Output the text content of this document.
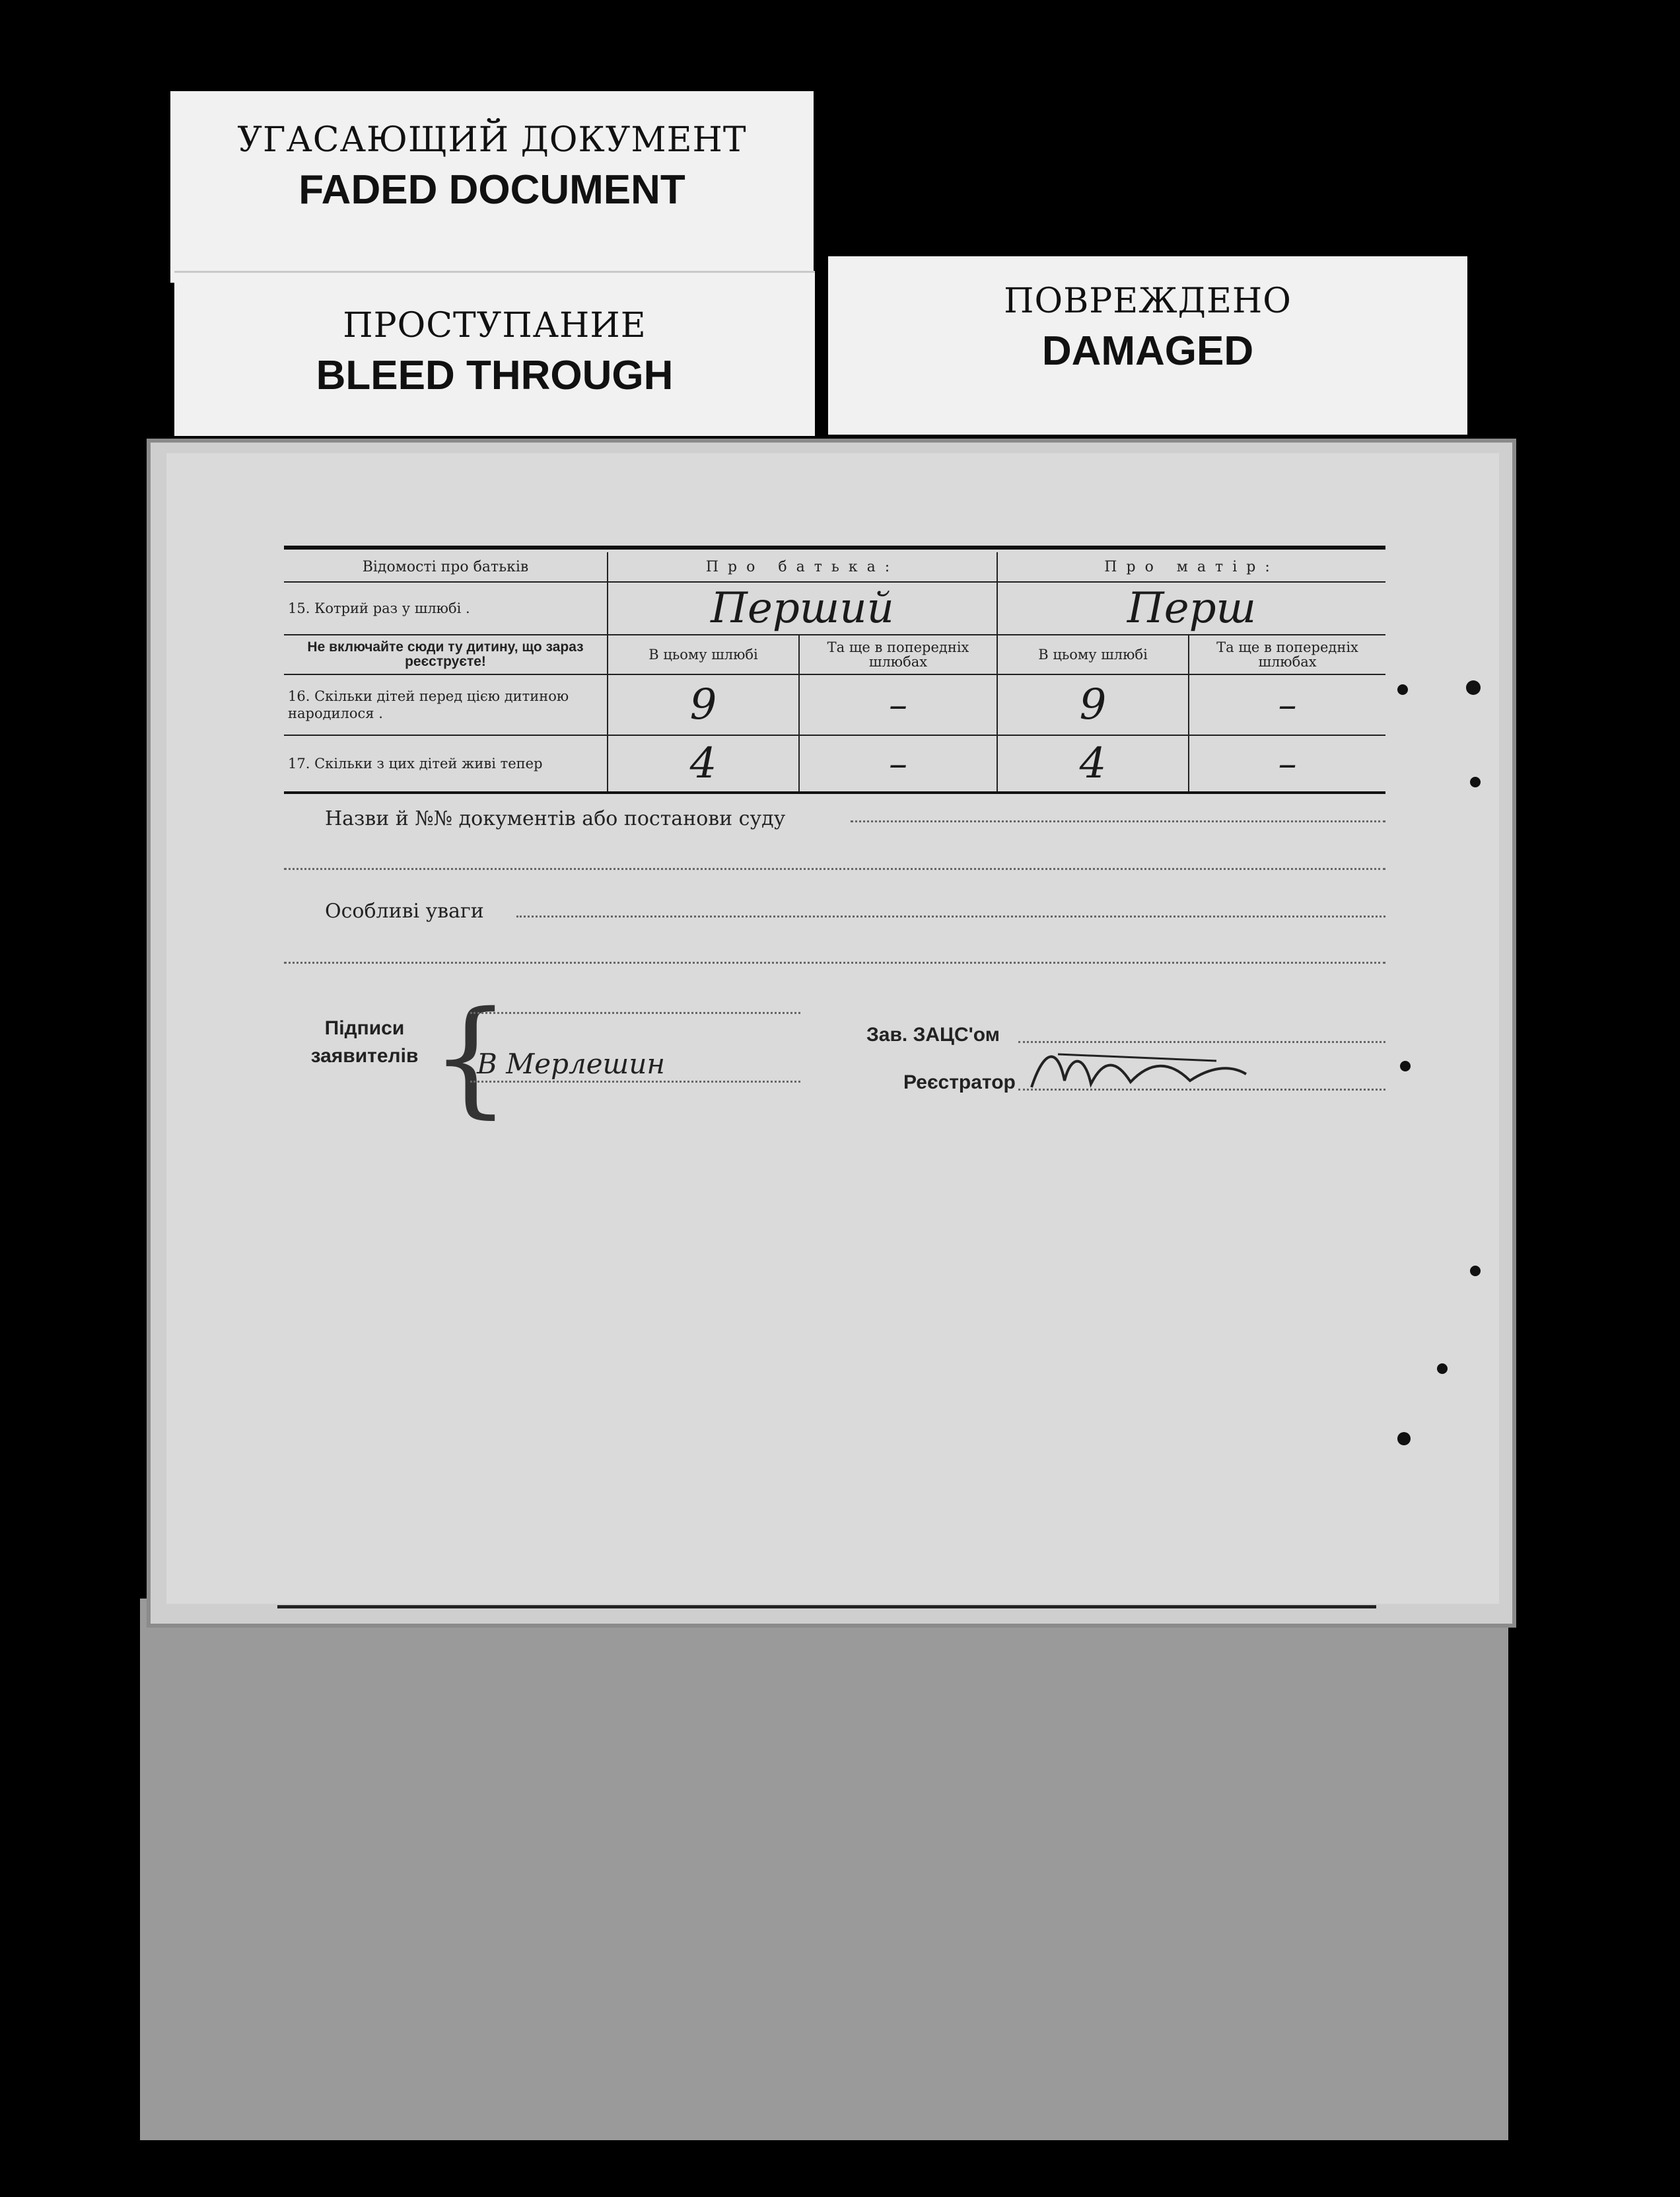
УГАСАЮЩИЙ ДОКУМЕНТ
FADED DOCUMENT
ПРОСТУПАНИЕ
BLEED THROUGH
ПОВРЕЖДЕНО
DAMAGED
Відомості про батьків	Про батька:		Про матір:	
15. Котрий раз у шлюбі .	Перший		Перш	
Не включайте сюди ту дитину, що зараз реєструєте!	В цьому шлюбі	Та ще в попередніх шлюбах	В цьому шлюбі	Та ще в попередніх шлюбах
16. Скільки дітей перед цією дитиною народилося .	9	–	9	–
17. Скільки з цих дітей живі тепер	4	–	4	–
Назви й №№ документів або постанови суду
Особливі уваги
Підписи заявителів {
В Мерлешин
Зав. ЗАЦС'ом
Реєстратор
